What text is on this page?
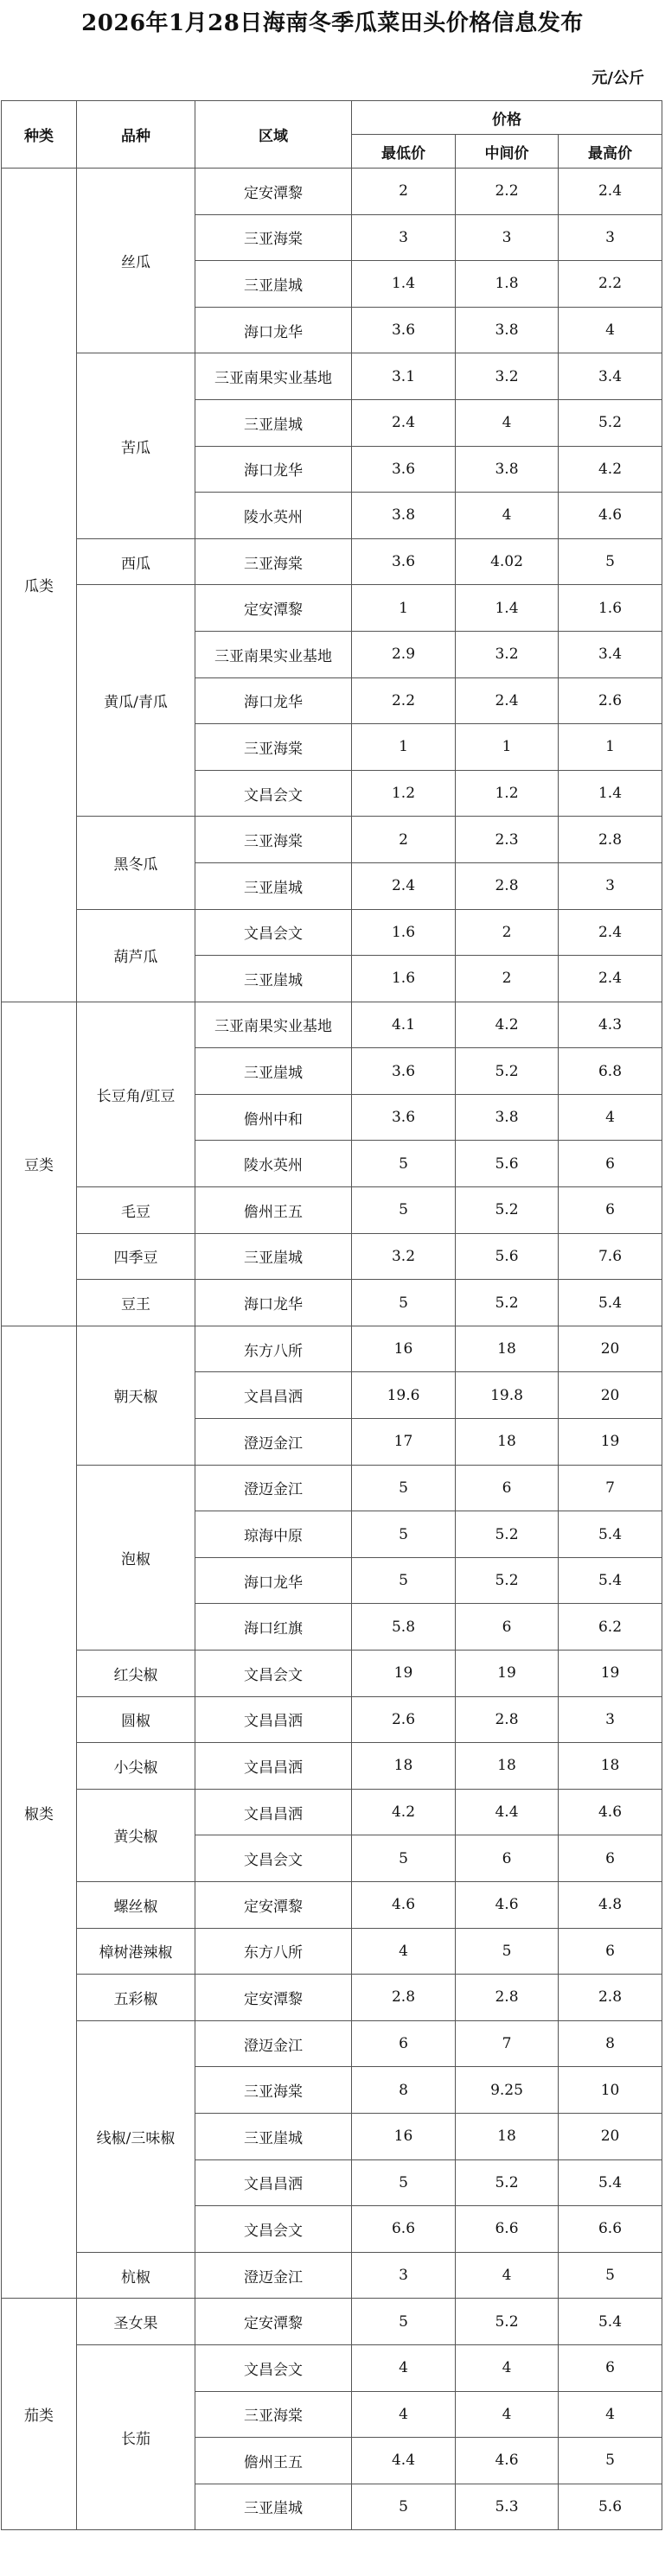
2026年1月28日海南冬季瓜菜田头价格信息发布
元/公斤
种类	品种	区域	价格		
			最低价	中间价	最高价
瓜类	丝瓜	定安潭黎	2	2.2	2.4
		三亚海棠	3	3	3
		三亚崖城	1.4	1.8	2.2
		海口龙华	3.6	3.8	4
	苦瓜	三亚南果实业基地	3.1	3.2	3.4
		三亚崖城	2.4	4	5.2
		海口龙华	3.6	3.8	4.2
		陵水英州	3.8	4	4.6
	西瓜	三亚海棠	3.6	4.02	5
	黄瓜/青瓜	定安潭黎	1	1.4	1.6
		三亚南果实业基地	2.9	3.2	3.4
		海口龙华	2.2	2.4	2.6
		三亚海棠	1	1	1
		文昌会文	1.2	1.2	1.4
	黑冬瓜	三亚海棠	2	2.3	2.8
		三亚崖城	2.4	2.8	3
	葫芦瓜	文昌会文	1.6	2	2.4
		三亚崖城	1.6	2	2.4
豆类	长豆角/豇豆	三亚南果实业基地	4.1	4.2	4.3
		三亚崖城	3.6	5.2	6.8
		儋州中和	3.6	3.8	4
		陵水英州	5	5.6	6
	毛豆	儋州王五	5	5.2	6
	四季豆	三亚崖城	3.2	5.6	7.6
	豆王	海口龙华	5	5.2	5.4
椒类	朝天椒	东方八所	16	18	20
		文昌昌洒	19.6	19.8	20
		澄迈金江	17	18	19
	泡椒	澄迈金江	5	6	7
		琼海中原	5	5.2	5.4
		海口龙华	5	5.2	5.4
		海口红旗	5.8	6	6.2
	红尖椒	文昌会文	19	19	19
	圆椒	文昌昌洒	2.6	2.8	3
	小尖椒	文昌昌洒	18	18	18
	黄尖椒	文昌昌洒	4.2	4.4	4.6
		文昌会文	5	6	6
	螺丝椒	定安潭黎	4.6	4.6	4.8
	樟树港辣椒	东方八所	4	5	6
	五彩椒	定安潭黎	2.8	2.8	2.8
	线椒/三味椒	澄迈金江	6	7	8
		三亚海棠	8	9.25	10
		三亚崖城	16	18	20
		文昌昌洒	5	5.2	5.4
		文昌会文	6.6	6.6	6.6
	杭椒	澄迈金江	3	4	5
茄类	圣女果	定安潭黎	5	5.2	5.4
	长茄	文昌会文	4	4	6
		三亚海棠	4	4	4
		儋州王五	4.4	4.6	5
		三亚崖城	5	5.3	5.6
